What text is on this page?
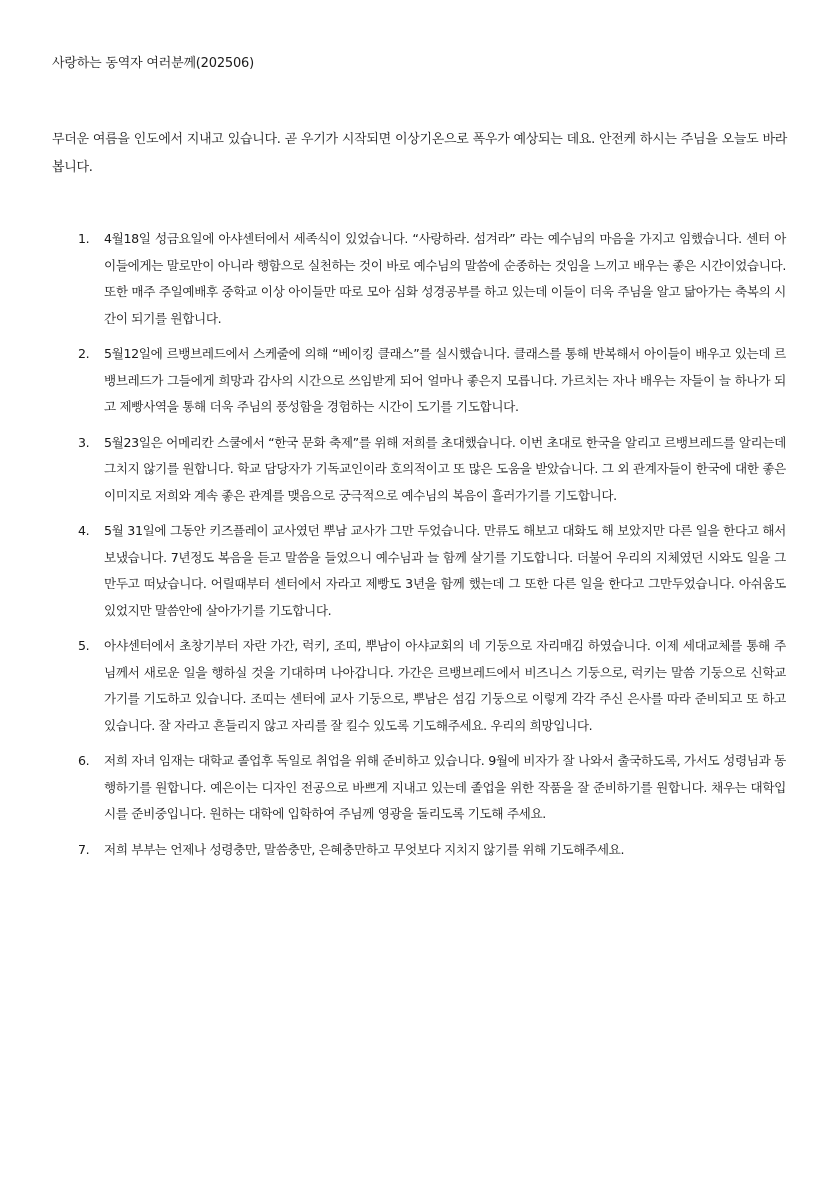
사랑하는 동역자 여러분께(202506)
무더운 여름을 인도에서 지내고 있습니다. 곧 우기가 시작되면 이상기온으로 폭우가 예상되는 데요. 안전케 하시는 주님을 오늘도 바라봅니다.
1.	4월18일 성금요일에 아샤센터에서 세족식이 있었습니다. “사랑하라. 섬겨라” 라는 예수님의 마음을 가지고 임했습니다. 센터 아이들에게는 말로만이 아니라 행함으로 실천하는 것이 바로 예수님의 말씀에 순종하는 것임을 느끼고 배우는 좋은 시간이었습니다. 또한 매주 주일예배후 중학교 이상 아이들만 따로 모아 심화 성경공부를 하고 있는데 이들이 더욱 주님을 알고 닮아가는 축복의 시간이 되기를 원합니다.
2.	5월12일에 르뱅브레드에서 스케줄에 의해 “베이킹 클래스”를 실시했습니다. 클래스를 통해 반복해서 아이들이 배우고 있는데 르뱅브레드가 그들에게 희망과 감사의 시간으로 쓰임받게 되어 얼마나 좋은지 모릅니다. 가르치는 자나 배우는 자들이 늘 하나가 되고 제빵사역을 통해 더욱 주님의 풍성함을 경험하는 시간이 도기를 기도합니다.
3.	5월23일은 어메리칸 스쿨에서 “한국 문화 축제”를 위해 저희를 초대했습니다. 이번 초대로 한국을 알리고 르뱅브레드를 알리는데 그치지 않기를 원합니다. 학교 담당자가 기독교인이라 호의적이고 또 많은 도움을 받았습니다. 그 외 관계자들이 한국에 대한 좋은 이미지로 저희와 계속 좋은 관계를 맺음으로 궁극적으로 예수님의 복음이 흘러가기를 기도합니다.
4.	5월 31일에 그동안 키즈플레이 교사였던 뿌남 교사가 그만 두었습니다. 만류도 해보고 대화도 해 보았지만 다른 일을 한다고 해서 보냈습니다. 7년정도 복음을 듣고 말씀을 들었으니 예수님과 늘 함께 살기를 기도합니다. 더불어 우리의 지체였던 시와도 일을 그만두고 떠났습니다. 어릴때부터 센터에서 자라고 제빵도 3년을 함께 했는데 그 또한 다른 일을 한다고 그만두었습니다. 아쉬움도 있었지만 말씀안에 살아가기를 기도합니다.
5.	아샤센터에서 초창기부터 자란 가간, 럭키, 조띠, 뿌남이 아샤교회의 네 기둥으로 자리매김 하였습니다. 이제 세대교체를 통해 주님께서 새로운 일을 행하실 것을 기대하며 나아갑니다. 가간은 르뱅브레드에서 비즈니스 기둥으로, 럭키는 말씀 기둥으로 신학교 가기를 기도하고 있습니다. 조띠는 센터에 교사 기둥으로, 뿌남은 섬김 기둥으로 이렇게 각각 주신 은사를 따라 준비되고 또 하고 있습니다. 잘 자라고 흔들리지 않고 자리를 잘 킬수 있도록 기도해주세요. 우리의 희망입니다.
6.	저희 자녀 임재는 대학교 졸업후 독일로 취업을 위해 준비하고 있습니다. 9월에 비자가 잘 나와서 출국하도록, 가서도 성령님과 동행하기를 원합니다. 예은이는 디자인 전공으로 바쁘게 지내고 있는데 졸업을 위한 작품을 잘 준비하기를 원합니다. 채우는 대학입시를 준비중입니다. 원하는 대학에 입학하여 주님께 영광을 돌리도록 기도해 주세요.
7.	저희 부부는 언제나 성령충만, 말씀충만, 은혜충만하고 무엇보다 지치지 않기를 위해 기도해주세요.
